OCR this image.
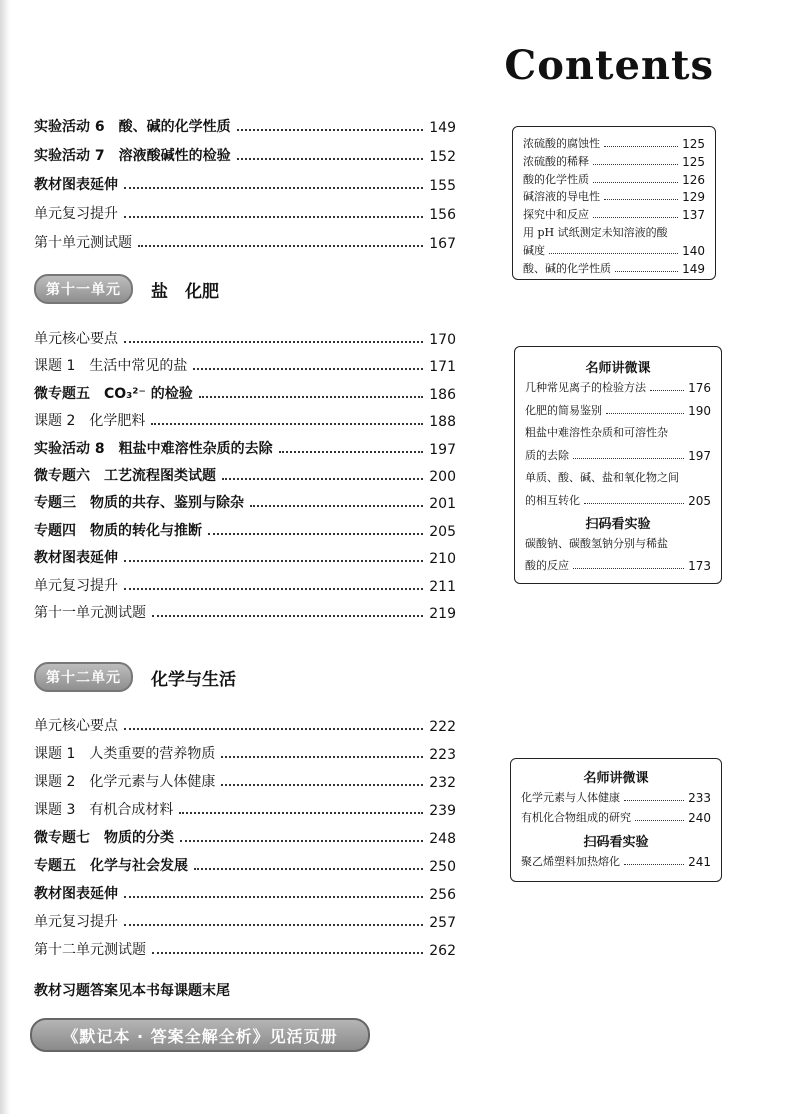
Contents
实验活动 6　酸、碱的化学性质	149
实验活动 7　溶液酸碱性的检验	152
教材图表延伸	155
单元复习提升	156
第十单元测试题	167
第十一单元	盐　化肥
单元核心要点	170
课题 1　生活中常见的盐	171
微专题五　CO₃²⁻ 的检验	186
课题 2　化学肥料	188
实验活动 8　粗盐中难溶性杂质的去除	197
微专题六　工艺流程图类试题	200
专题三　物质的共存、鉴别与除杂	201
专题四　物质的转化与推断	205
教材图表延伸	210
单元复习提升	211
第十一单元测试题	219
第十二单元	化学与生活
单元核心要点	222
课题 1　人类重要的营养物质	223
课题 2　化学元素与人体健康	232
课题 3　有机合成材料	239
微专题七　物质的分类	248
专题五　化学与社会发展	250
教材图表延伸	256
单元复习提升	257
第十二单元测试题	262
教材习题答案见本书每课题末尾
《默记本 · 答案全解全析》见活页册
浓硫酸的腐蚀性	125
浓硫酸的稀释	125
酸的化学性质	126
碱溶液的导电性	129
探究中和反应	137
用 pH 试纸测定未知溶液的酸
碱度	140
酸、碱的化学性质	149
名师讲微课
扫码看实验
几种常见离子的检验方法	176
化肥的简易鉴别	190
粗盐中难溶性杂质和可溶性杂
质的去除	197
单质、酸、碱、盐和氧化物之间
的相互转化	205
碳酸钠、碳酸氢钠分别与稀盐
酸的反应	173
名师讲微课
扫码看实验
化学元素与人体健康	233
有机化合物组成的研究	240
聚乙烯塑料加热熔化	241
